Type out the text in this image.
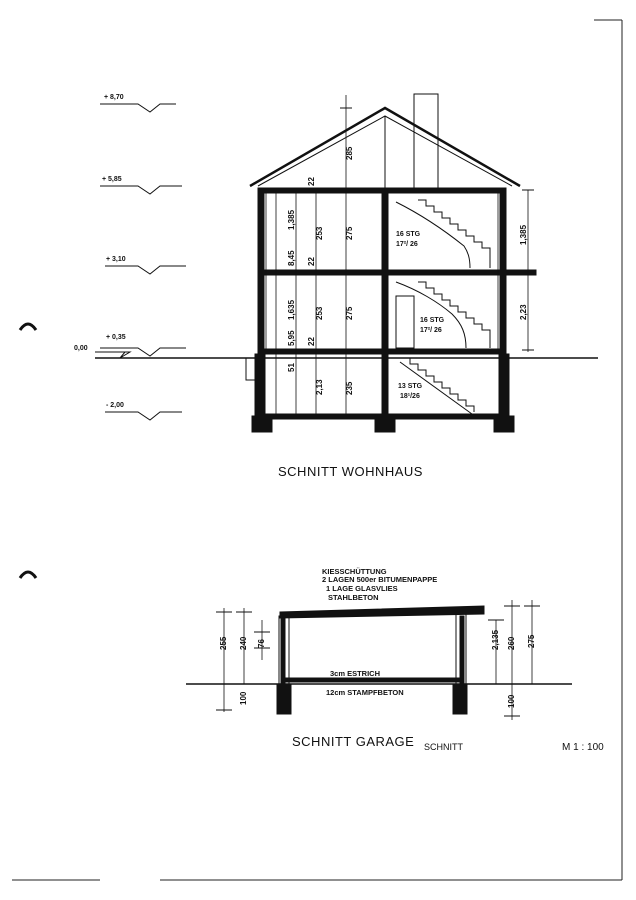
+ 8,70
+ 5,85
+ 3,10
+ 0,35
0,00
- 2,00
285
22
1,385
253	275
8,45 22
1,635 253	275
5,95 22
51
2,13	235
1,385
2,23
16 STG
17²/ 26
16 STG
17²/ 26
13 STG
18¹/26
SCHNITT WOHNHAUS
KIESSCHÜTTUNG
2 LAGEN 500er BITUMENPAPPE
1 LAGE GLASVLIES
STAHLBETON
3cm ESTRICH
12cm STAMPFBETON
255 240 76
100
2,135 260 275
100
SCHNITT GARAGE SCHNITT	M 1 : 100
